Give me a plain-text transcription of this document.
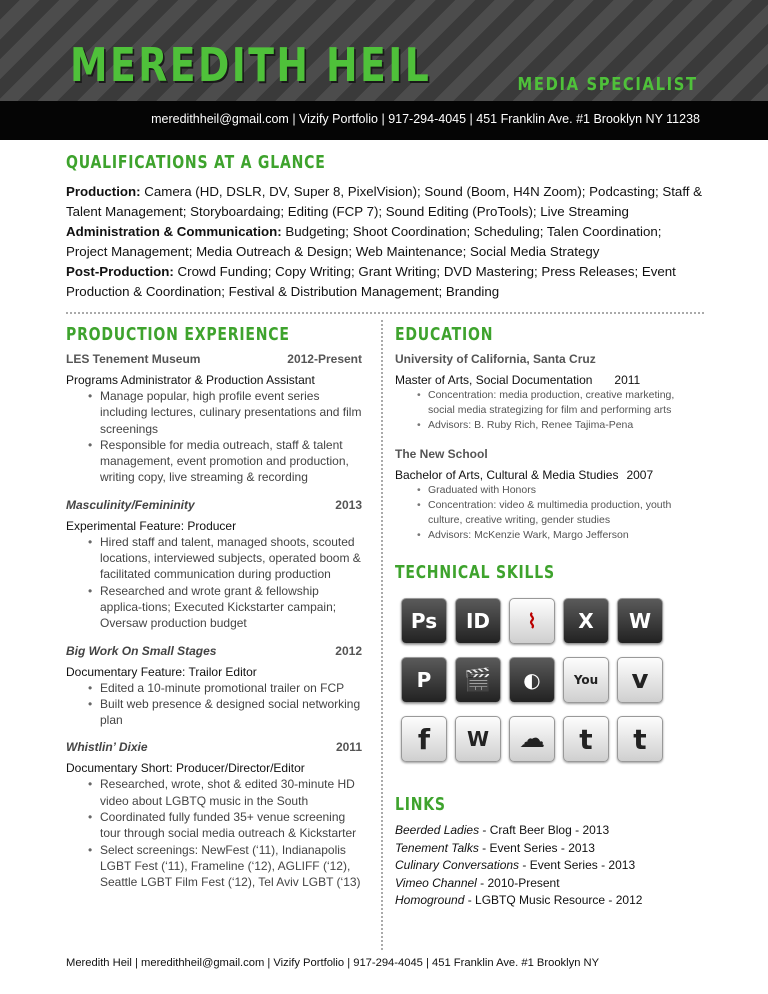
MEREDITH HEIL	MEDIA SPECIALIST
meredithheil@gmail.com | Vizify Portfolio | 917-294-4045 | 451 Franklin Ave. #1 Brooklyn NY 11238
QUALIFICATIONS AT A GLANCE
Production: Camera (HD, DSLR, DV, Super 8, PixelVision); Sound (Boom, H4N Zoom); Podcasting; Staff & Talent Management; Storyboardaing; Editing (FCP 7); Sound Editing (ProTools); Live Streaming
Administration & Communication: Budgeting; Shoot Coordination; Scheduling; Talen Coordination; Project Management; Media Outreach & Design; Web Maintenance; Social Media Strategy
Post-Production: Crowd Funding; Copy Writing; Grant Writing; DVD Mastering; Press Releases; Event Production & Coordination; Festival & Distribution Management; Branding
PRODUCTION EXPERIENCE
LES Tenement Museum	2012-Present
Programs Administrator & Production Assistant
• Manage popular, high profile event series including lectures, culinary presentations and film screenings
• Responsible for media outreach, staff & talent management, event promotion and production, writing copy, live streaming & recording
Masculinity/Femininity	2013
Experimental Feature: Producer
• Hired staff and talent, managed shoots, scouted locations, interviewed subjects, operated boom & facilitated communication during production
• Researched and wrote grant & fellowship applica-tions; Executed Kickstarter campain; Oversaw production budget
Big Work On Small Stages	2012
Documentary Feature: Trailor Editor
• Edited a 10-minute promotional trailer on FCP
• Built web presence & designed social networking plan
Whistlin’ Dixie	2011
Documentary Short: Producer/Director/Editor
• Researched, wrote, shot & edited 30-minute HD video about LGBTQ music in the South
• Coordinated fully funded 35+ venue screening tour through social media outreach & Kickstarter
• Select screenings: NewFest (‘11), Indianapolis LGBT Fest (‘11), Frameline (‘12), AGLIFF (‘12), Seattle LGBT Film Fest (‘12), Tel Aviv LGBT (‘13)
EDUCATION
University of California, Santa Cruz
Master of Arts, Social Documentation 2011
• Concentration: media production, creative marketing, social media strategizing for film and performing arts
• Advisors: B. Ruby Rich, Renee Tajima-Pena
The New School
Bachelor of Arts, Cultural & Media Studies 2007
• Graduated with Honors
• Concentration: video & multimedia production, youth culture, creative writing, gender studies
• Advisors: McKenzie Wark, Margo Jefferson
TECHNICAL SKILLS
Ps	ID	⌇	X	W
P	🎬	◐	You	v
f	W	☁	t	t
LINKS
Beerded Ladies - Craft Beer Blog - 2013
Tenement Talks - Event Series - 2013
Culinary Conversations - Event Series - 2013
Vimeo Channel - 2010-Present
Homoground - LGBTQ Music Resource - 2012
Meredith Heil | meredithheil@gmail.com | Vizify Portfolio | 917-294-4045 | 451 Franklin Ave. #1 Brooklyn NY
